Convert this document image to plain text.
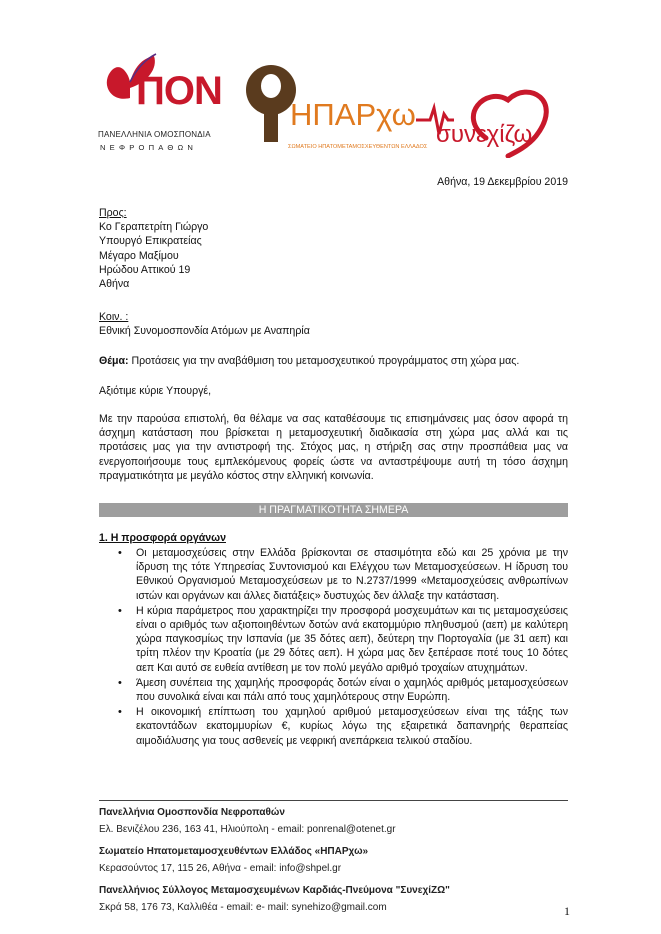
ΠΟΝ
ΠΑΝΕΛΛΗΝΙΑ ΟΜΟΣΠΟΝΔΙΑ
ΝΕΦΡΟΠΑΘΩΝ
ΗΠΑΡχω
ΣΩΜΑΤΕΙΟ ΗΠΑΤΟΜΕΤΑΜΟΣΧΕΥΘΕΝΤΩΝ ΕΛΛΑΔΟΣ συνεχίζω
Αθήνα, 19 Δεκεμβρίου 2019
Προς:
Κο Γεραπετρίτη Γιώργο
Υπουργό Επικρατείας
Μέγαρο Μαξίμου
Ηρώδου Αττικού 19
Αθήνα
Κοιν. :
Εθνική Συνομοσπονδία Ατόμων με Αναπηρία
Θέμα: Προτάσεις για την αναβάθμιση του μεταμοσχευτικού προγράμματος στη χώρα μας.
Αξιότιμε κύριε Υπουργέ,
Με την παρούσα επιστολή, θα θέλαμε να σας καταθέσουμε τις επισημάνσεις μας όσον αφορά τη άσχημη κατάσταση που βρίσκεται η μεταμοσχευτική διαδικασία στη χώρα μας αλλά και τις προτάσεις μας για την αντιστροφή της. Στόχος μας, η στήριξη σας στην προσπάθεια μας να ενεργοποιήσουμε τους εμπλεκόμενους φορείς ώστε να ανταστρέψουμε αυτή τη τόσο άσχημη πραγματικότητα με μεγάλο κόστος στην ελληνική κοινωνία.
Η ΠΡΑΓΜΑΤΙΚΟΤΗΤΑ ΣΗΜΕΡΑ
1. Η προσφορά οργάνων
• Οι μεταμοσχεύσεις στην Ελλάδα βρίσκονται σε στασιμότητα εδώ και 25 χρόνια με την ίδρυση της τότε Υπηρεσίας Συντονισμού και Ελέγχου των Μεταμοσχεύσεων. Η ίδρυση του Εθνικού Οργανισμού Μεταμοσχεύσεων με το Ν.2737/1999 «Μεταμοσχεύσεις ανθρωπίνων ιστών και οργάνων και άλλες διατάξεις» δυστυχώς δεν άλλαξε την κατάσταση.
• Η κύρια παράμετρος που χαρακτηρίζει την προσφορά μοσχευμάτων και τις μεταμοσχεύσεις είναι ο αριθμός των αξιοποιηθέντων δοτών ανά εκατομμύριο πληθυσμού (αεπ) με καλύτερη χώρα παγκοσμίως την Ισπανία (με 35 δότες αεπ), δεύτερη την Πορτογαλία (με 31 αεπ) και τρίτη πλέον την Κροατία (με 29 δότες αεπ). Η χώρα μας δεν ξεπέρασε ποτέ τους 10 δότες αεπ Και αυτό σε ευθεία αντίθεση με τον πολύ μεγάλο αριθμό τροχαίων ατυχημάτων.
• Άμεση συνέπεια της χαμηλής προσφοράς δοτών είναι ο χαμηλός αριθμός μεταμοσχεύσεων που συνολικά είναι και πάλι από τους χαμηλότερους στην Ευρώπη.
• Η οικονομική επίπτωση του χαμηλού αριθμού μεταμοσχεύσεων είναι της τάξης των εκατοντάδων εκατομμυρίων €, κυρίως λόγω της εξαιρετικά δαπανηρής θεραπείας αιμοδιάλυσης για τους ασθενείς με νεφρική ανεπάρκεια τελικού σταδίου.
Πανελλήνια Ομοσπονδία Νεφροπαθών
Ελ. Βενιζέλου 236, 163 41, Ηλιούπολη - email: ponrenal@otenet.gr
Σωματείο Ηπατομεταμοσχευθέντων Ελλάδος «ΗΠΑΡχω»
Κερασούντος 17, 115 26, Αθήνα - email: info@shpel.gr
Πανελλήνιος Σύλλογος Μεταμοσχευμένων Καρδιάς-Πνεύμονα "ΣυνεχίΖΩ"
Σκρά 58, 176 73, Καλλιθέα - email: e- mail: synehizo@gmail.com	1
